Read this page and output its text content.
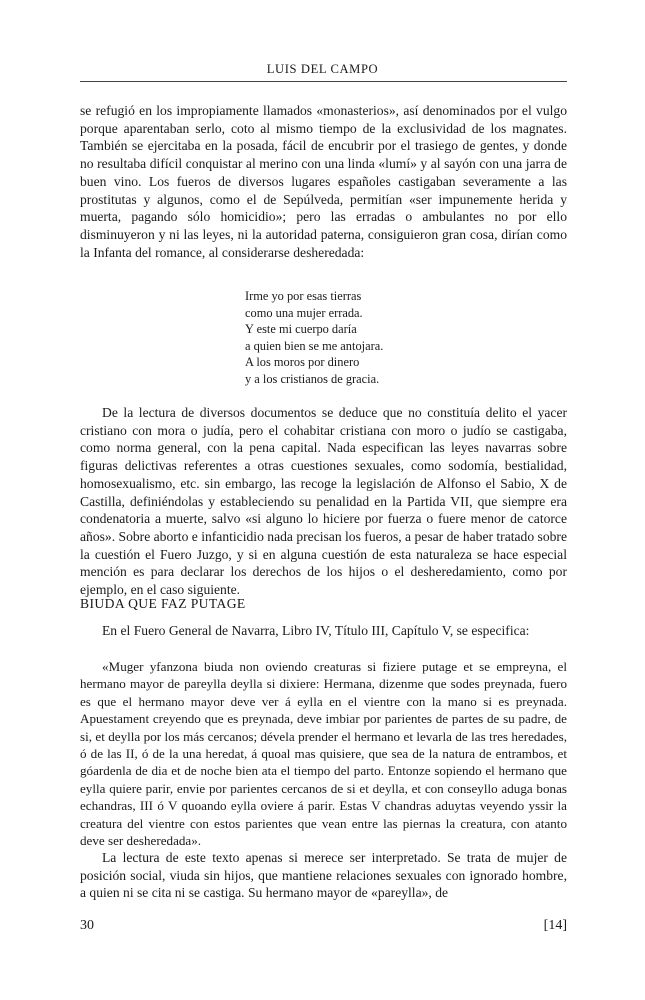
LUIS DEL CAMPO

se refugió en los impropiamente llamados «monasterios», así denominados por el vulgo porque aparentaban serlo, coto al mismo tiempo de la exclusividad de los magnates. También se ejercitaba en la posada, fácil de encubrir por el trasiego de gentes, y donde no resultaba difícil conquistar al merino con una linda «lumí» y al sayón con una jarra de buen vino. Los fueros de diversos lugares españoles castigaban severamente a las prostitutas y algunos, como el de Sepúlveda, permitían «ser impunemente herida y muerta, pagando sólo homicidio»; pero las erradas o ambulantes no por ello disminuyeron y ni las leyes, ni la autoridad paterna, consiguieron gran cosa, dirían como la Infanta del romance, al considerarse desheredada:

Irme yo por esas tierras
como una mujer errada.
Y este mi cuerpo daría
a quien bien se me antojara.
A los moros por dinero
y a los cristianos de gracia.

De la lectura de diversos documentos se deduce que no constituía delito el yacer cristiano con mora o judía, pero el cohabitar cristiana con moro o judío se castigaba, como norma general, con la pena capital. Nada especifican las leyes navarras sobre figuras delictivas referentes a otras cuestiones sexuales, como sodomía, bestialidad, homosexualismo, etc. sin embargo, las recoge la legislación de Alfonso el Sabio, X de Castilla, definiéndolas y estableciendo su penalidad en la Partida VII, que siempre era condenatoria a muerte, salvo «si alguno lo hiciere por fuerza o fuere menor de catorce años». Sobre aborto e infanticidio nada precisan los fueros, a pesar de haber tratado sobre la cuestión el Fuero Juzgo, y si en alguna cuestión de esta naturaleza se hace especial mención es para declarar los derechos de los hijos o el desheredamiento, como por ejemplo, en el caso siguiente.

BIUDA QUE FAZ PUTAGE

En el Fuero General de Navarra, Libro IV, Título III, Capítulo V, se especifica:

«Muger yfanzona biuda non oviendo creaturas si fiziere putage et se empreyna, el hermano mayor de pareylla deylla si dixiere: Hermana, dizenme que sodes preynada, fuero es que el hermano mayor deve ver á eylla en el vientre con la mano si es preynada. Apuestament creyendo que es preynada, deve imbiar por parientes de partes de su padre, de si, et deylla por los más cercanos; dévela prender el hermano et levarla de las tres heredades, ó de las II, ó de la una heredat, á quoal mas quisiere, que sea de la natura de entrambos, et góardenla de dia et de noche bien ata el tiempo del parto. Entonze sopiendo el hermano que eylla quiere parir, envie por parientes cercanos de si et deylla, et con conseyllo aduga bonas echandras, III ó V quoando eylla oviere á parir. Estas V chandras aduytas veyendo yssir la creatura del vientre con estos parientes que vean entre las piernas la creatura, con atanto deve ser desheredada».

La lectura de este texto apenas si merece ser interpretado. Se trata de mujer de posición social, viuda sin hijos, que mantiene relaciones sexuales con ignorado hombre, a quien ni se cita ni se castiga. Su hermano mayor de «pareylla», de

30	[14]
